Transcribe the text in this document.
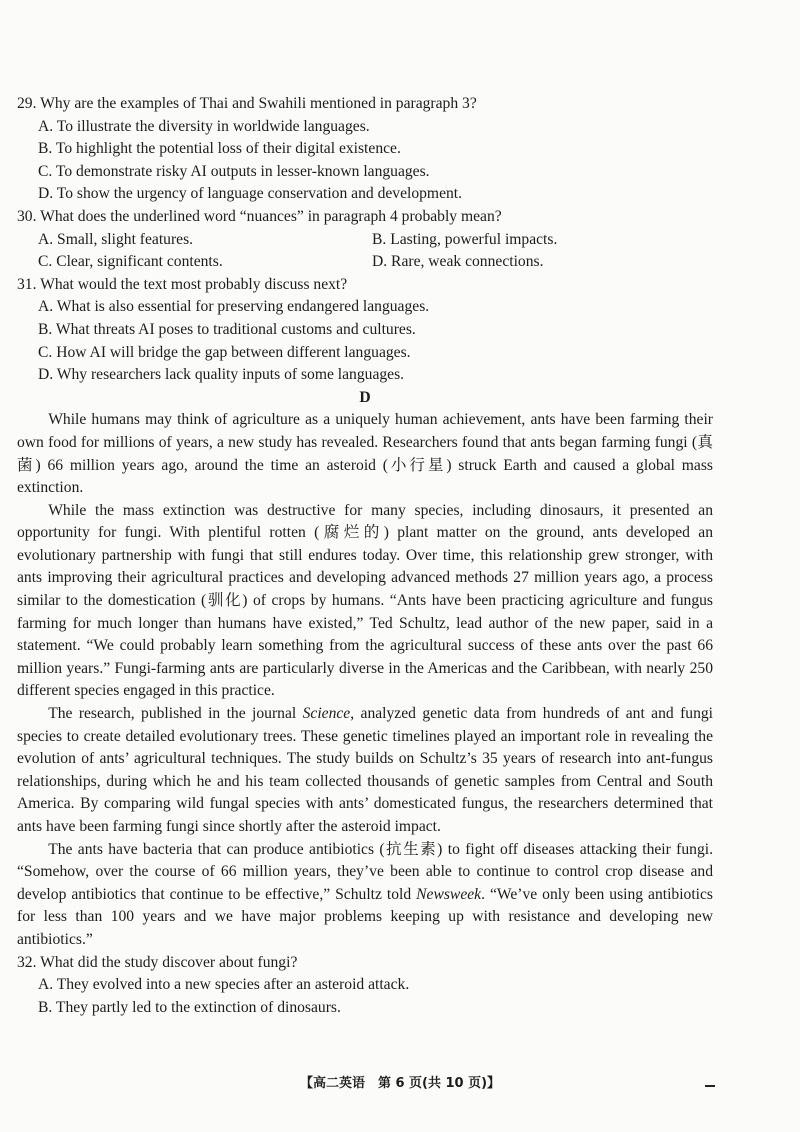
29. Why are the examples of Thai and Swahili mentioned in paragraph 3?
A. To illustrate the diversity in worldwide languages.
B. To highlight the potential loss of their digital existence.
C. To demonstrate risky AI outputs in lesser-known languages.
D. To show the urgency of language conservation and development.
30. What does the underlined word “nuances” in paragraph 4 probably mean?
A. Small, slight features.	B. Lasting, powerful impacts.
C. Clear, significant contents.	D. Rare, weak connections.
31. What would the text most probably discuss next?
A. What is also essential for preserving endangered languages.
B. What threats AI poses to traditional customs and cultures.
C. How AI will bridge the gap between different languages.
D. Why researchers lack quality inputs of some languages.
D

While humans may think of agriculture as a uniquely human achievement, ants have been farming their own food for millions of years, a new study has revealed. Researchers found that ants began farming fungi (真菌) 66 million years ago, around the time an asteroid (小行星) struck Earth and caused a global mass extinction.

While the mass extinction was destructive for many species, including dinosaurs, it presented an opportunity for fungi. With plentiful rotten (腐烂的) plant matter on the ground, ants developed an evolutionary partnership with fungi that still endures today. Over time, this relationship grew stronger, with ants improving their agricultural practices and developing advanced methods 27 million years ago, a process similar to the domestication (驯化) of crops by humans. “Ants have been practicing agriculture and fungus farming for much longer than humans have existed,” Ted Schultz, lead author of the new paper, said in a statement. “We could probably learn something from the agricultural success of these ants over the past 66 million years.” Fungi-farming ants are particularly diverse in the Americas and the Caribbean, with nearly 250 different species engaged in this practice.

The research, published in the journal Science, analyzed genetic data from hundreds of ant and fungi species to create detailed evolutionary trees. These genetic timelines played an important role in revealing the evolution of ants’ agricultural techniques. The study builds on Schultz’s 35 years of research into ant-fungus relationships, during which he and his team collected thousands of genetic samples from Central and South America. By comparing wild fungal species with ants’ domesticated fungus, the researchers determined that ants have been farming fungi since shortly after the asteroid impact.

The ants have bacteria that can produce antibiotics (抗生素) to fight off diseases attacking their fungi. “Somehow, over the course of 66 million years, they’ve been able to continue to control crop disease and develop antibiotics that continue to be effective,” Schultz told Newsweek. “We’ve only been using antibiotics for less than 100 years and we have major problems keeping up with resistance and developing new antibiotics.”

32. What did the study discover about fungi?
A. They evolved into a new species after an asteroid attack.
B. They partly led to the extinction of dinosaurs.
【高二英语　第 6 页(共 10 页)】
